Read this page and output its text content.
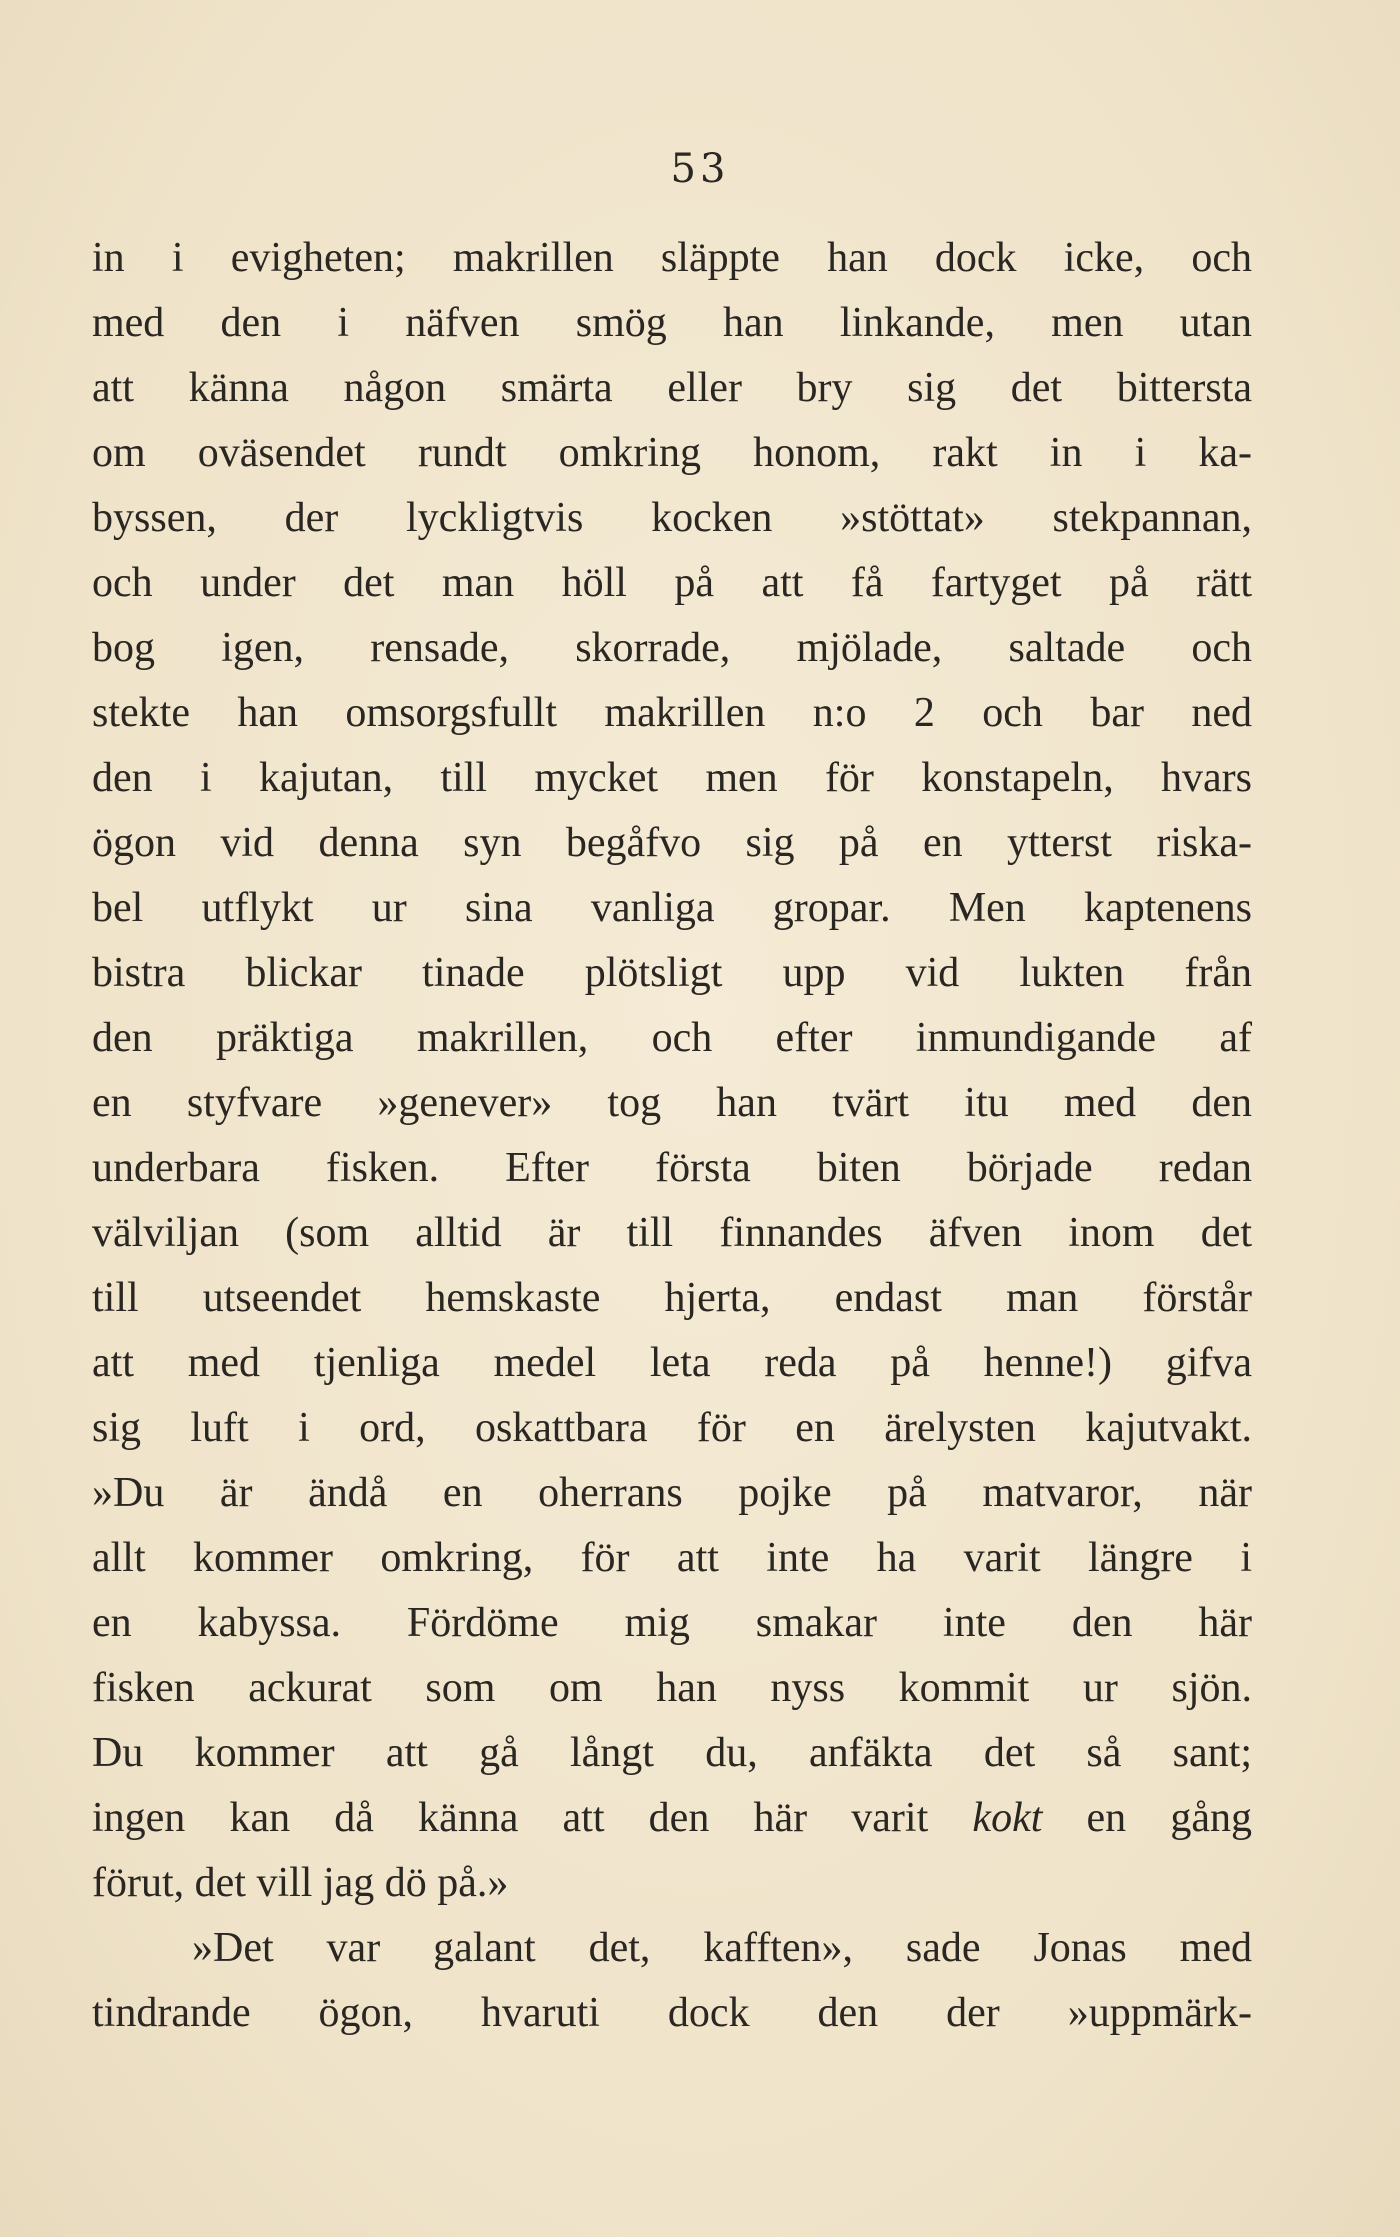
53
in i evigheten; makrillen släppte han dock icke, och
med den i näfven smög han linkande, men utan
att känna någon smärta eller bry sig det bittersta
om oväsendet rundt omkring honom, rakt in i ka-
byssen, der lyckligtvis kocken »stöttat» stekpannan,
och under det man höll på att få fartyget på rätt
bog igen, rensade, skorrade, mjölade, saltade och
stekte han omsorgsfullt makrillen n:o 2 och bar ned
den i kajutan, till mycket men för konstapeln, hvars
ögon vid denna syn begåfvo sig på en ytterst riska-
bel utflykt ur sina vanliga gropar. Men kaptenens
bistra blickar tinade plötsligt upp vid lukten från
den präktiga makrillen, och efter inmundigande af
en styfvare »genever» tog han tvärt itu med den
underbara fisken. Efter första biten började redan
välviljan (som alltid är till finnandes äfven inom det
till utseendet hemskaste hjerta, endast man förstår
att med tjenliga medel leta reda på henne!) gifva
sig luft i ord, oskattbara för en ärelysten kajutvakt.
»Du är ändå en oherrans pojke på matvaror, när
allt kommer omkring, för att inte ha varit längre i
en kabyssa. Fördöme mig smakar inte den här
fisken ackurat som om han nyss kommit ur sjön.
Du kommer att gå långt du, anfäkta det så sant;
ingen kan då känna att den här varit kokt en gång
förut, det vill jag dö på.»
»Det var galant det, kafften», sade Jonas med
tindrande ögon, hvaruti dock den der »uppmärk-
